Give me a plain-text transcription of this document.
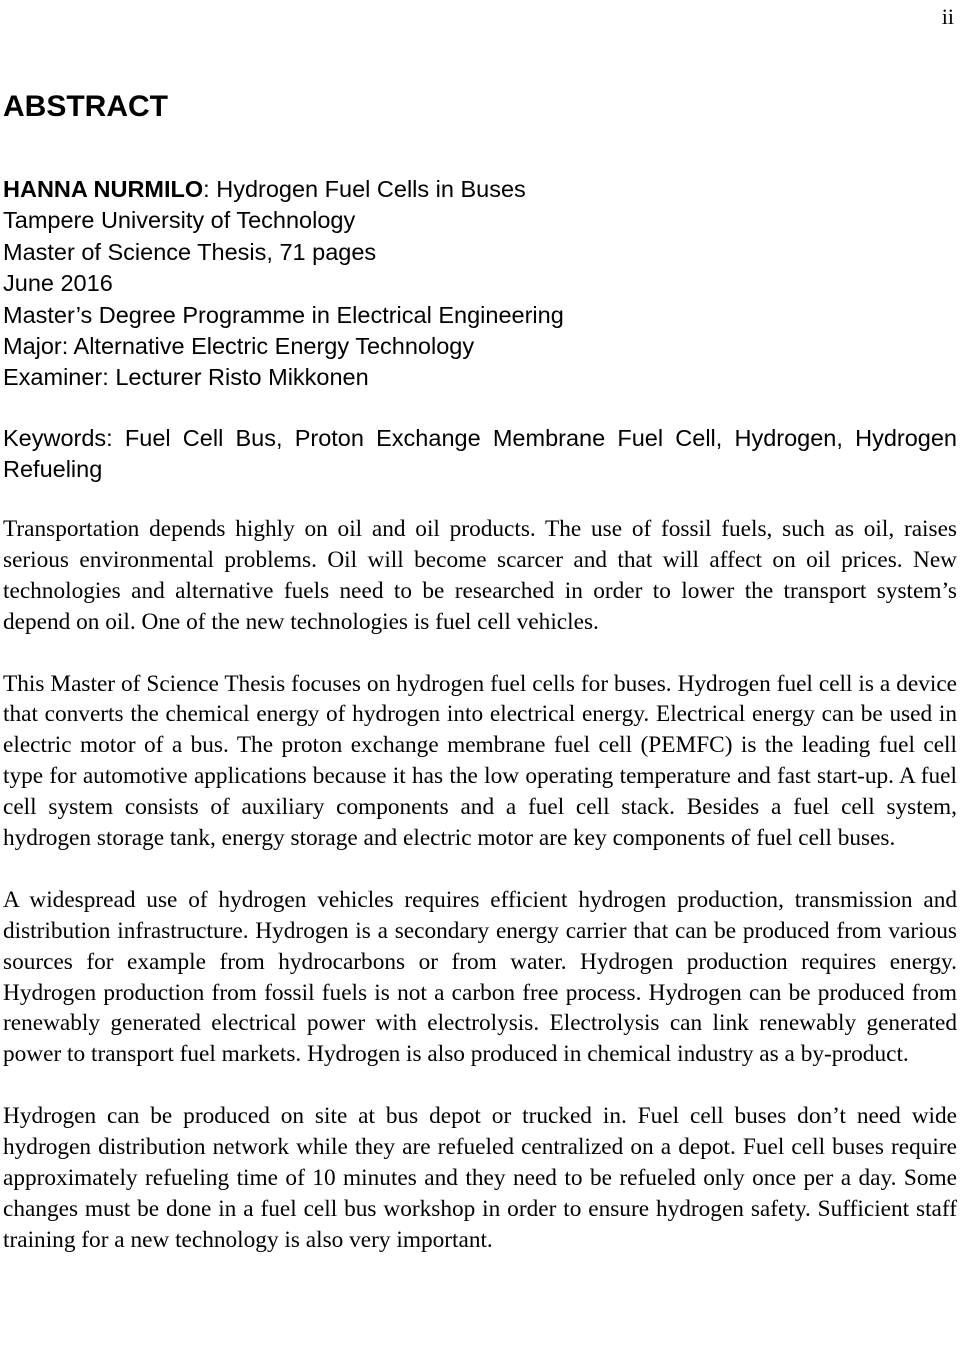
ii
ABSTRACT
HANNA NURMILO: Hydrogen Fuel Cells in Buses
Tampere University of Technology
Master of Science Thesis, 71 pages
June 2016
Master’s Degree Programme in Electrical Engineering
Major: Alternative Electric Energy Technology
Examiner: Lecturer Risto Mikkonen
Keywords: Fuel Cell Bus, Proton Exchange Membrane Fuel Cell, Hydrogen, Hydrogen Refueling

Transportation depends highly on oil and oil products. The use of fossil fuels, such as oil, raises serious environmental problems. Oil will become scarcer and that will affect on oil prices. New technologies and alternative fuels need to be researched in order to lower the transport system’s depend on oil. One of the new technologies is fuel cell vehicles.

This Master of Science Thesis focuses on hydrogen fuel cells for buses. Hydrogen fuel cell is a device that converts the chemical energy of hydrogen into electrical energy. Electrical energy can be used in electric motor of a bus. The proton exchange membrane fuel cell (PEMFC) is the leading fuel cell type for automotive applications because it has the low operating temperature and fast start-up. A fuel cell system consists of auxiliary components and a fuel cell stack. Besides a fuel cell system, hydrogen storage tank, energy storage and electric motor are key components of fuel cell buses.

A widespread use of hydrogen vehicles requires efficient hydrogen production, transmission and distribution infrastructure. Hydrogen is a secondary energy carrier that can be produced from various sources for example from hydrocarbons or from water. Hydrogen production requires energy. Hydrogen production from fossil fuels is not a carbon free process. Hydrogen can be produced from renewably generated electrical power with electrolysis. Electrolysis can link renewably generated power to transport fuel markets. Hydrogen is also produced in chemical industry as a by-product.

Hydrogen can be produced on site at bus depot or trucked in. Fuel cell buses don’t need wide hydrogen distribution network while they are refueled centralized on a depot. Fuel cell buses require approximately refueling time of 10 minutes and they need to be refueled only once per a day. Some changes must be done in a fuel cell bus workshop in order to ensure hydrogen safety. Sufficient staff training for a new technology is also very important.
